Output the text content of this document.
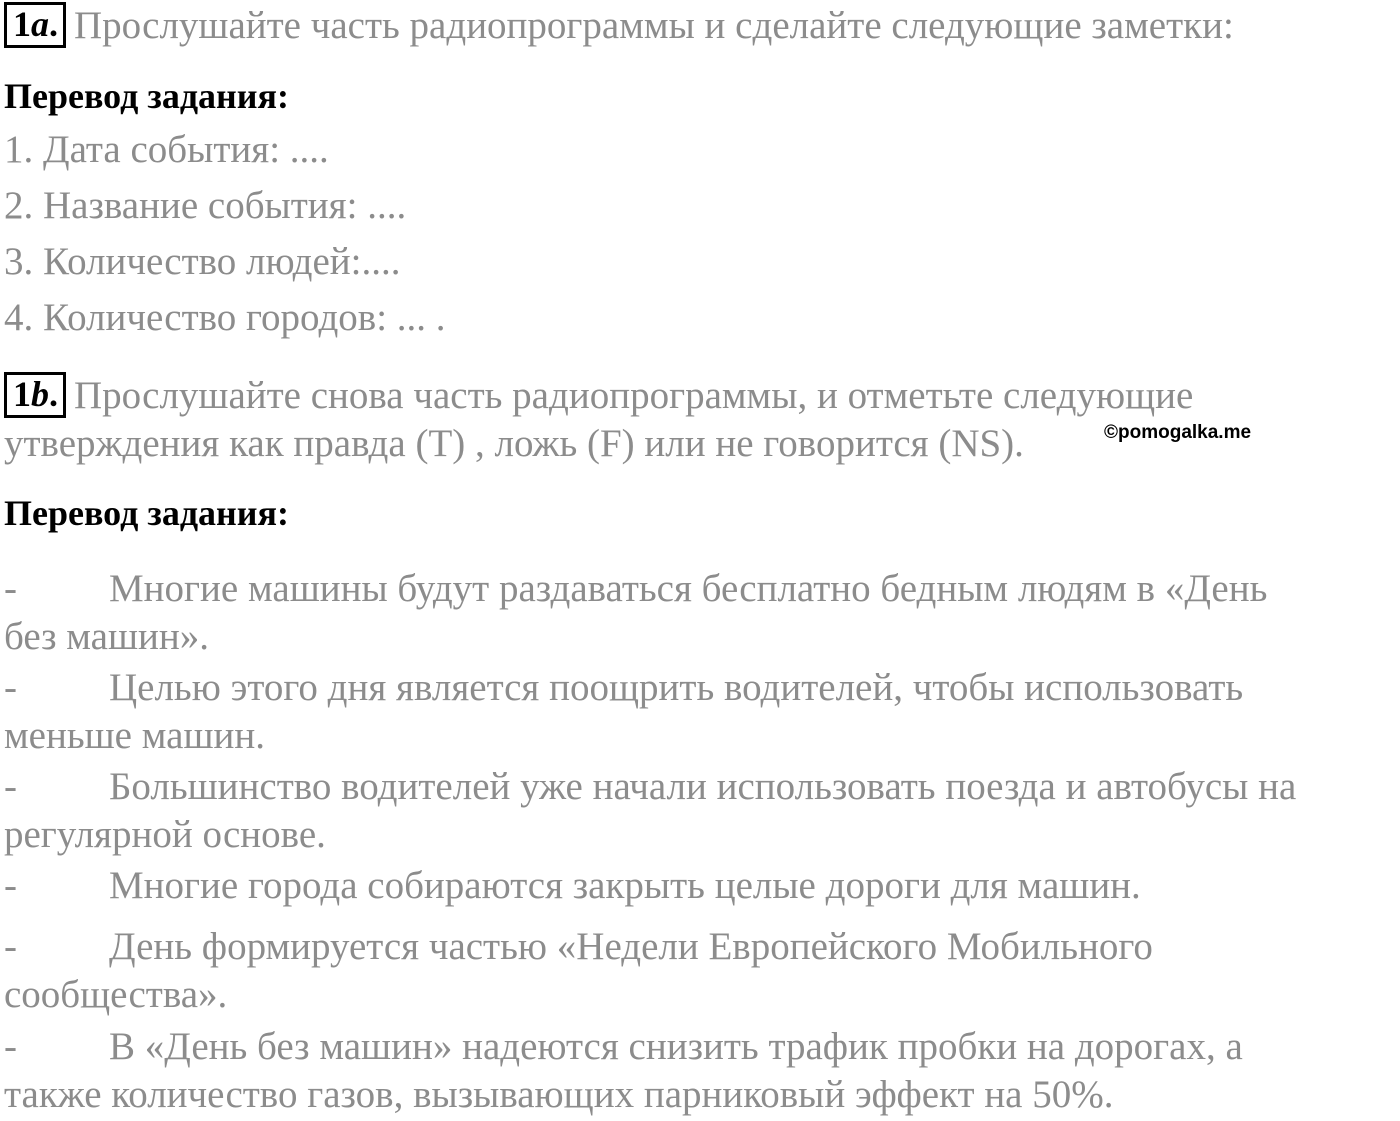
1a. Прослушайте часть радиопрограммы и сделайте следующие заметки:
Перевод задания:
1. Дата события: ....
2. Название события: ....
3. Количество людей:....
4. Количество городов: ... .
1b. Прослушайте снова часть радиопрограммы, и отметьте следующие
утверждения как правда (T) , ложь (F) или не говорится (NS).	©pomogalka.me
Перевод задания:
- Многие машины будут раздаваться бесплатно бедным людям в «День
без машин».
- Целью этого дня является поощрить водителей, чтобы использовать
меньше машин.
- Большинство водителей уже начали использовать поезда и автобусы на
регулярной основе.
- Многие города собираются закрыть целые дороги для машин.
- День формируется частью «Недели Европейского Мобильного
сообщества».
- В «День без машин» надеются снизить трафик пробки на дорогах, а
также количество газов, вызывающих парниковый эффект на 50%.
